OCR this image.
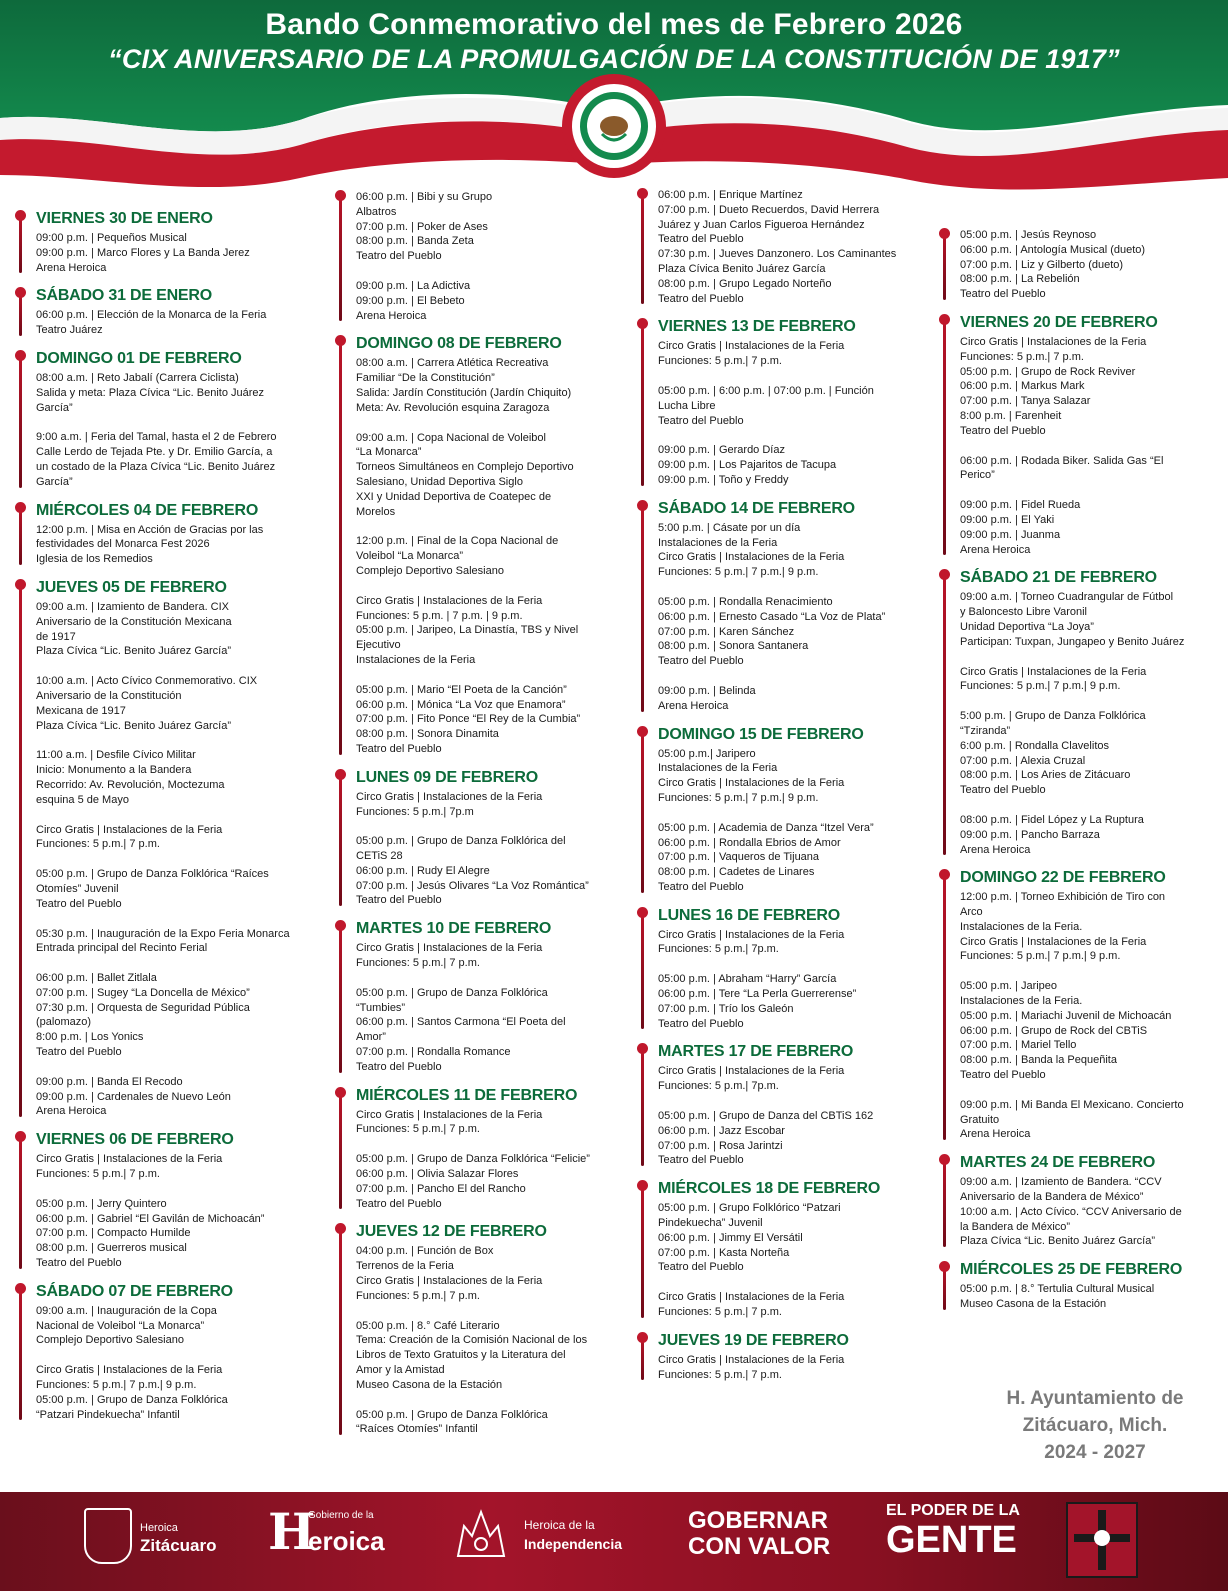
Bando Conmemorativo del mes de Febrero 2026
“CIX ANIVERSARIO DE LA PROMULGACIÓN DE LA CONSTITUCIÓN DE 1917”
VIERNES 30 DE ENERO
09:00 p.m. | Pequeños Musical
09:00 p.m. | Marco Flores y La Banda Jerez
Arena Heroica
SÁBADO 31 DE ENERO
06:00 p.m. | Elección de la Monarca de la Feria
Teatro Juárez
DOMINGO 01 DE FEBRERO
08:00 a.m. | Reto Jabalí (Carrera Ciclista)
Salida y meta: Plaza Cívica “Lic. Benito Juárez
García”
9:00 a.m. | Feria del Tamal, hasta el 2 de Febrero
Calle Lerdo de Tejada Pte. y Dr. Emilio García, a
un costado de la Plaza Cívica “Lic. Benito Juárez
García”
MIÉRCOLES 04 DE FEBRERO
12:00 p.m. | Misa en Acción de Gracias por las
festividades del Monarca Fest 2026
Iglesia de los Remedios
JUEVES 05 DE FEBRERO
09:00 a.m. | Izamiento de Bandera. CIX
Aniversario de la Constitución Mexicana
de 1917
Plaza Cívica “Lic. Benito Juárez García”
10:00 a.m. | Acto Cívico Conmemorativo. CIX
Aniversario de la Constitución
Mexicana de 1917
Plaza Cívica “Lic. Benito Juárez García”
11:00 a.m. | Desfile Cívico Militar
Inicio: Monumento a la Bandera
Recorrido: Av. Revolución, Moctezuma
esquina 5 de Mayo
Circo Gratis | Instalaciones de la Feria
Funciones: 5 p.m.| 7 p.m.
05:00 p.m. | Grupo de Danza Folklórica “Raíces
Otomíes” Juvenil
Teatro del Pueblo
05:30 p.m. | Inauguración de la Expo Feria Monarca
Entrada principal del Recinto Ferial
06:00 p.m. | Ballet Zitlala
07:00 p.m. | Sugey “La Doncella de México”
07:30 p.m. | Orquesta de Seguridad Pública
(palomazo)
8:00 p.m. | Los Yonics
Teatro del Pueblo
09:00 p.m. | Banda El Recodo
09:00 p.m. | Cardenales de Nuevo León
Arena Heroica
VIERNES 06 DE FEBRERO
Circo Gratis | Instalaciones de la Feria
Funciones: 5 p.m.| 7 p.m.
05:00 p.m. | Jerry Quintero
06:00 p.m. | Gabriel “El Gavilán de Michoacán”
07:00 p.m. | Compacto Humilde
08:00 p.m. | Guerreros musical
Teatro del Pueblo
SÁBADO 07 DE FEBRERO
09:00 a.m. | Inauguración de la Copa
Nacional de Voleibol “La Monarca”
Complejo Deportivo Salesiano
Circo Gratis | Instalaciones de la Feria
Funciones: 5 p.m.| 7 p.m.| 9 p.m.
05:00 p.m. | Grupo de Danza Folklórica
“Patzari Pindekuecha” Infantil
06:00 p.m. | Bibi y su Grupo
Albatros
07:00 p.m. | Poker de Ases
08:00 p.m. | Banda Zeta
Teatro del Pueblo
09:00 p.m. | La Adictiva
09:00 p.m. | El Bebeto
Arena Heroica
DOMINGO 08 DE FEBRERO
08:00 a.m. | Carrera Atlética Recreativa
Familiar “De la Constitución”
Salida: Jardín Constitución (Jardín Chiquito)
Meta: Av. Revolución esquina Zaragoza
09:00 a.m. | Copa Nacional de Voleibol
“La Monarca”
Torneos Simultáneos en Complejo Deportivo
Salesiano, Unidad Deportiva Siglo
XXI y Unidad Deportiva de Coatepec de
Morelos
12:00 p.m. | Final de la Copa Nacional de
Voleibol “La Monarca”
Complejo Deportivo Salesiano
Circo Gratis | Instalaciones de la Feria
Funciones: 5 p.m. | 7 p.m. | 9 p.m.
05:00 p.m. | Jaripeo, La Dinastía, TBS y Nivel
Ejecutivo
Instalaciones de la Feria
05:00 p.m. | Mario “El Poeta de la Canción”
06:00 p.m. | Mónica “La Voz que Enamora”
07:00 p.m. | Fito Ponce “El Rey de la Cumbia”
08:00 p.m. | Sonora Dinamita
Teatro del Pueblo
LUNES 09 DE FEBRERO
Circo Gratis | Instalaciones de la Feria
Funciones: 5 p.m.| 7p.m
05:00 p.m. | Grupo de Danza Folklórica del
CETiS 28
06:00 p.m. | Rudy El Alegre
07:00 p.m. | Jesús Olivares “La Voz Romántica”
Teatro del Pueblo
MARTES 10 DE FEBRERO
Circo Gratis | Instalaciones de la Feria
Funciones: 5 p.m.| 7 p.m.
05:00 p.m. | Grupo de Danza Folklórica
“Tumbies”
06:00 p.m. | Santos Carmona “El Poeta del
Amor”
07:00 p.m. | Rondalla Romance
Teatro del Pueblo
MIÉRCOLES 11 DE FEBRERO
Circo Gratis | Instalaciones de la Feria
Funciones: 5 p.m.| 7 p.m.
05:00 p.m. | Grupo de Danza Folklórica “Felicie”
06:00 p.m. | Olivia Salazar Flores
07:00 p.m. | Pancho El del Rancho
Teatro del Pueblo
JUEVES 12 DE FEBRERO
04:00 p.m. | Función de Box
Terrenos de la Feria
Circo Gratis | Instalaciones de la Feria
Funciones: 5 p.m.| 7 p.m.
05:00 p.m. | 8.° Café Literario
Tema: Creación de la Comisión Nacional de los
Libros de Texto Gratuitos y la Literatura del
Amor y la Amistad
Museo Casona de la Estación
05:00 p.m. | Grupo de Danza Folklórica
“Raíces Otomíes” Infantil
06:00 p.m. | Enrique Martínez
07:00 p.m. | Dueto Recuerdos, David Herrera
Juárez y Juan Carlos Figueroa Hernández
Teatro del Pueblo
07:30 p.m. | Jueves Danzonero. Los Caminantes
Plaza Cívica Benito Juárez García
08:00 p.m. | Grupo Legado Norteño
Teatro del Pueblo
VIERNES 13 DE FEBRERO
Circo Gratis | Instalaciones de la Feria
Funciones: 5 p.m.| 7 p.m.
05:00 p.m. | 6:00 p.m. | 07:00 p.m. | Función
Lucha Libre
Teatro del Pueblo
09:00 p.m. | Gerardo Díaz
09:00 p.m. | Los Pajaritos de Tacupa
09:00 p.m. | Toño y Freddy
SÁBADO 14 DE FEBRERO
5:00 p.m. | Cásate por un día
Instalaciones de la Feria
Circo Gratis | Instalaciones de la Feria
Funciones: 5 p.m.| 7 p.m.| 9 p.m.
05:00 p.m. | Rondalla Renacimiento
06:00 p.m. | Ernesto Casado “La Voz de Plata”
07:00 p.m. | Karen Sánchez
08:00 p.m. | Sonora Santanera
Teatro del Pueblo
09:00 p.m. | Belinda
Arena Heroica
DOMINGO 15 DE FEBRERO
05:00 p.m.| Jaripero
Instalaciones de la Feria
Circo Gratis | Instalaciones de la Feria
Funciones: 5 p.m.| 7 p.m.| 9 p.m.
05:00 p.m. | Academia de Danza “Itzel Vera”
06:00 p.m. | Rondalla Ebrios de Amor
07:00 p.m. | Vaqueros de Tijuana
08:00 p.m. | Cadetes de Linares
Teatro del Pueblo
LUNES 16 DE FEBRERO
Circo Gratis | Instalaciones de la Feria
Funciones: 5 p.m.| 7p.m.
05:00 p.m. | Abraham “Harry” García
06:00 p.m. | Tere “La Perla Guerrerense”
07:00 p.m. | Trío los Galeón
Teatro del Pueblo
MARTES 17 DE FEBRERO
Circo Gratis | Instalaciones de la Feria
Funciones: 5 p.m.| 7p.m.
05:00 p.m. | Grupo de Danza del CBTiS 162
06:00 p.m. | Jazz Escobar
07:00 p.m. | Rosa Jarintzi
Teatro del Pueblo
MIÉRCOLES 18 DE FEBRERO
05:00 p.m. | Grupo Folklórico “Patzari
Pindekuecha” Juvenil
06:00 p.m. | Jimmy El Versátil
07:00 p.m. | Kasta Norteña
Teatro del Pueblo
Circo Gratis | Instalaciones de la Feria
Funciones: 5 p.m.| 7 p.m.
JUEVES 19 DE FEBRERO
Circo Gratis | Instalaciones de la Feria
Funciones: 5 p.m.| 7 p.m.
05:00 p.m. | Jesús Reynoso
06:00 p.m. | Antología Musical (dueto)
07:00 p.m. | Liz y Gilberto (dueto)
08:00 p.m. | La Rebelión
Teatro del Pueblo
VIERNES 20 DE FEBRERO
Circo Gratis | Instalaciones de la Feria
Funciones: 5 p.m.| 7 p.m.
05:00 p.m. | Grupo de Rock Reviver
06:00 p.m. | Markus Mark
07:00 p.m. | Tanya Salazar
8:00 p.m. | Farenheit
Teatro del Pueblo
06:00 p.m. | Rodada Biker. Salida Gas “El
Perico”
09:00 p.m. | Fidel Rueda
09:00 p.m. | El Yaki
09:00 p.m. | Juanma
Arena Heroica
SÁBADO 21 DE FEBRERO
09:00 a.m. | Torneo Cuadrangular de Fútbol
y Baloncesto Libre Varonil
Unidad Deportiva “La Joya”
Participan: Tuxpan, Jungapeo y Benito Juárez
Circo Gratis | Instalaciones de la Feria
Funciones: 5 p.m.| 7 p.m.| 9 p.m.
5:00 p.m. | Grupo de Danza Folklórica
“Tziranda”
6:00 p.m. | Rondalla Clavelitos
07:00 p.m. | Alexia Cruzal
08:00 p.m. | Los Aries de Zitácuaro
Teatro del Pueblo
08:00 p.m. | Fidel López y La Ruptura
09:00 p.m. | Pancho Barraza
Arena Heroica
DOMINGO 22 DE FEBRERO
12:00 p.m. | Torneo Exhibición de Tiro con
Arco
Instalaciones de la Feria.
Circo Gratis | Instalaciones de la Feria
Funciones: 5 p.m.| 7 p.m.| 9 p.m.
05:00 p.m. | Jaripeo
Instalaciones de la Feria.
05:00 p.m. | Mariachi Juvenil de Michoacán
06:00 p.m. | Grupo de Rock del CBTiS
07:00 p.m. | Mariel Tello
08:00 p.m. | Banda la Pequeñita
Teatro del Pueblo
09:00 p.m. | Mi Banda El Mexicano. Concierto
Gratuito
Arena Heroica
MARTES 24 DE FEBRERO
09:00 a.m. | Izamiento de Bandera. “CCV
Aniversario de la Bandera de México”
10:00 a.m. | Acto Cívico. “CCV Aniversario de
la Bandera de México”
Plaza Cívica “Lic. Benito Juárez García”
MIÉRCOLES 25 DE FEBRERO
05:00 p.m. | 8.° Tertulia Cultural Musical
Museo Casona de la Estación
H. Ayuntamiento de
Zitácuaro, Mich.
2024 - 2027
Heroica
Zitácuaro H
Gobierno de la
eroica
Heroica de la
Independencia
GOBERNAR
CON VALOR
EL PODER DE LA
GENTE
